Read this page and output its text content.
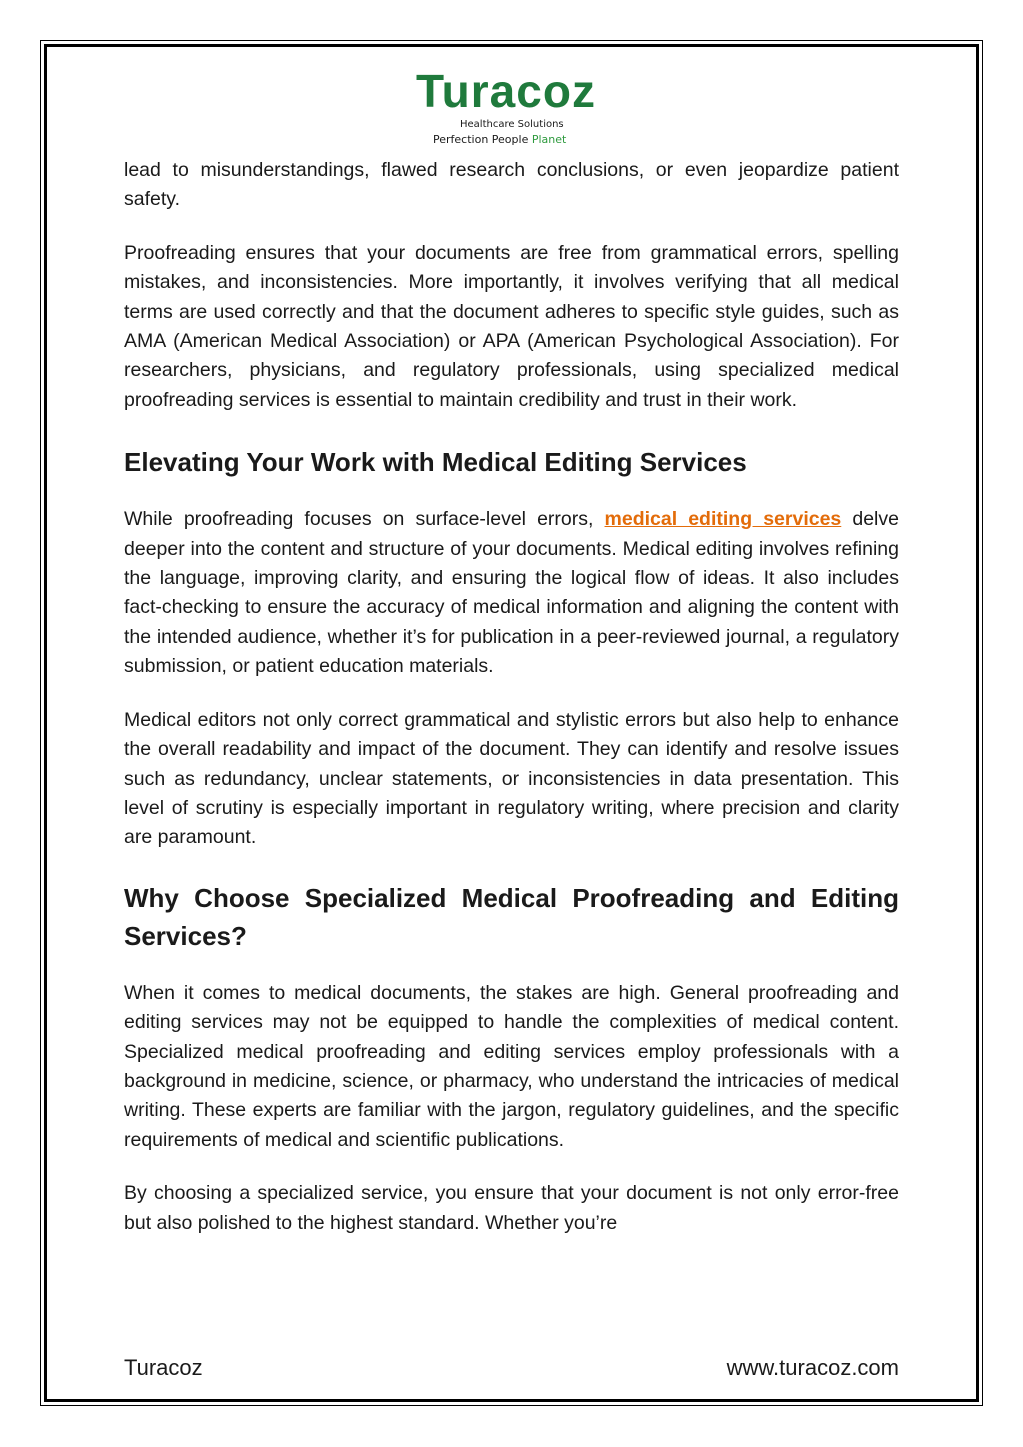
Turacoz
Healthcare Solutions
Perfection People Planet

lead to misunderstandings, flawed research conclusions, or even jeopardize patient safety.

Proofreading ensures that your documents are free from grammatical errors, spelling mistakes, and inconsistencies. More importantly, it involves verifying that all medical terms are used correctly and that the document adheres to specific style guides, such as AMA (American Medical Association) or APA (American Psychological Association). For researchers, physicians, and regulatory professionals, using specialized medical proofreading services is essential to maintain credibility and trust in their work.

Elevating Your Work with Medical Editing Services

While proofreading focuses on surface-level errors, medical editing services delve deeper into the content and structure of your documents. Medical editing involves refining the language, improving clarity, and ensuring the logical flow of ideas. It also includes fact-checking to ensure the accuracy of medical information and aligning the content with the intended audience, whether it’s for publication in a peer-reviewed journal, a regulatory submission, or patient education materials.

Medical editors not only correct grammatical and stylistic errors but also help to enhance the overall readability and impact of the document. They can identify and resolve issues such as redundancy, unclear statements, or inconsistencies in data presentation. This level of scrutiny is especially important in regulatory writing, where precision and clarity are paramount.

Why Choose Specialized Medical Proofreading and Editing Services?

When it comes to medical documents, the stakes are high. General proofreading and editing services may not be equipped to handle the complexities of medical content. Specialized medical proofreading and editing services employ professionals with a background in medicine, science, or pharmacy, who understand the intricacies of medical writing. These experts are familiar with the jargon, regulatory guidelines, and the specific requirements of medical and scientific publications.

By choosing a specialized service, you ensure that your document is not only error-free but also polished to the highest standard. Whether you’re

Turacoz	www.turacoz.com
